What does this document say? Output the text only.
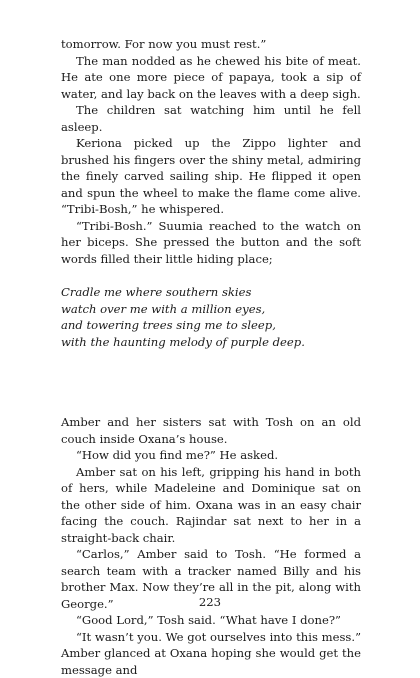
tomorrow. For now you must rest.”

The man nodded as he chewed his bite of meat. He ate one more piece of papaya, took a sip of water, and lay back on the leaves with a deep sigh.

The children sat watching him until he fell asleep.

Keriona picked up the Zippo lighter and brushed his fingers over the shiny metal, admiring the finely carved sailing ship. He flipped it open and spun the wheel to make the flame come alive. “Tribi-Bosh,” he whispered.

“Tribi-Bosh.” Suumia reached to the watch on her biceps. She pressed the button and the soft words filled their little hiding place;

Cradle me where southern skies
watch over me with a million eyes,
and towering trees sing me to sleep,
with the haunting melody of purple deep.

Amber and her sisters sat with Tosh on an old couch inside Oxana’s house.

“How did you find me?” He asked.

Amber sat on his left, gripping his hand in both of hers, while Madeleine and Dominique sat on the other side of him. Oxana was in an easy chair facing the couch. Rajindar sat next to her in a straight-back chair.

“Carlos,” Amber said to Tosh. “He formed a search team with a tracker named Billy and his brother Max. Now they’re all in the pit, along with George.”

“Good Lord,” Tosh said. “What have I done?”

“It wasn’t you. We got ourselves into this mess.” Amber glanced at Oxana hoping she would get the message and

223
